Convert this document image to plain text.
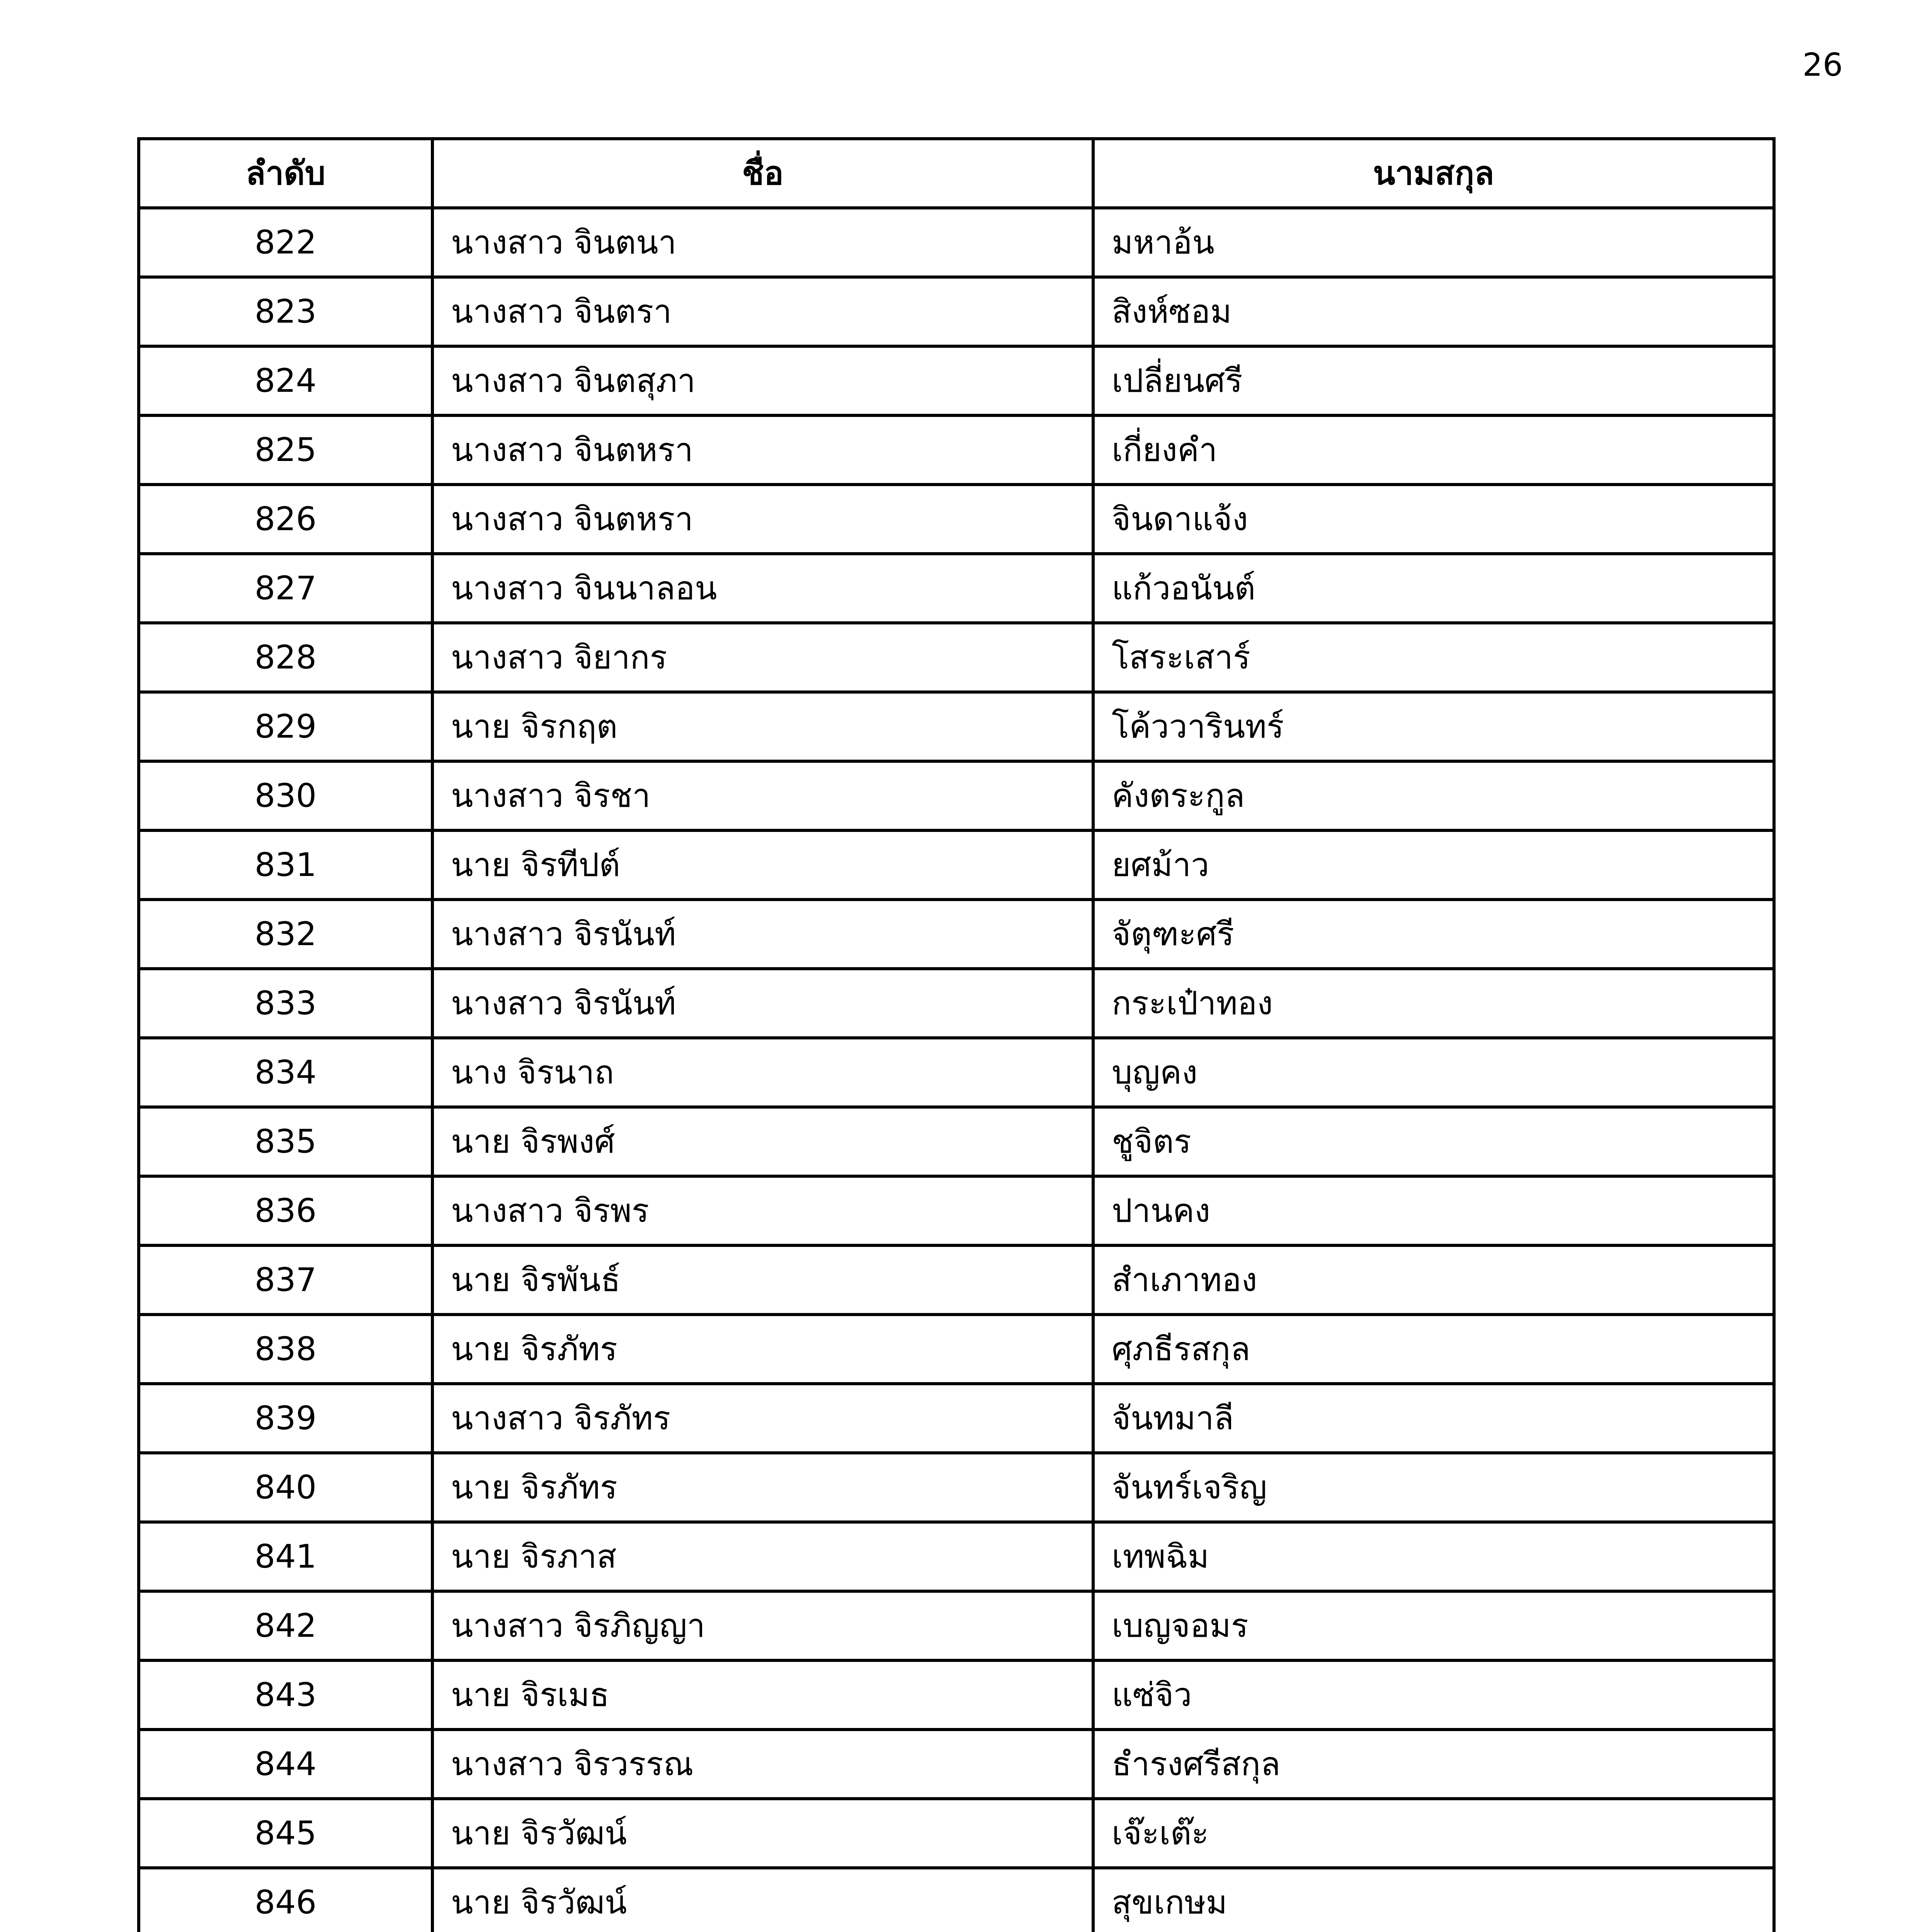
26
ลำดับ	ชื่อ	นามสกุล
822	นางสาว จินตนา	มหาอ้น
823	นางสาว จินตรา	สิงห์ซอม
824	นางสาว จินตสุภา	เปลี่ยนศรี
825	นางสาว จินตหรา	เกี่ยงคำ
826	นางสาว จินตหรา	จินดาแจ้ง
827	นางสาว จินนาลอน	แก้วอนันต์
828	นางสาว จิยากร	โสระเสาร์
829	นาย จิรกฤต	โค้ววารินทร์
830	นางสาว จิรชา	คังตระกูล
831	นาย จิรทีปต์	ยศม้าว
832	นางสาว จิรนันท์	จัตุฑะศรี
833	นางสาว จิรนันท์	กระเป๋าทอง
834	นาง จิรนาถ	บุญคง
835	นาย จิรพงศ์	ชูจิตร
836	นางสาว จิรพร	ปานคง
837	นาย จิรพันธ์	สำเภาทอง
838	นาย จิรภัทร	ศุภธีรสกุล
839	นางสาว จิรภัทร	จันทมาลี
840	นาย จิรภัทร	จันทร์เจริญ
841	นาย จิรภาส	เทพฉิม
842	นางสาว จิรภิญญา	เบญจอมร
843	นาย จิรเมธ	แซ่จิว
844	นางสาว จิรวรรณ	ธำรงศรีสกุล
845	นาย จิรวัฒน์	เจ๊ะเต๊ะ
846	นาย จิรวัฒน์	สุขเกษม
